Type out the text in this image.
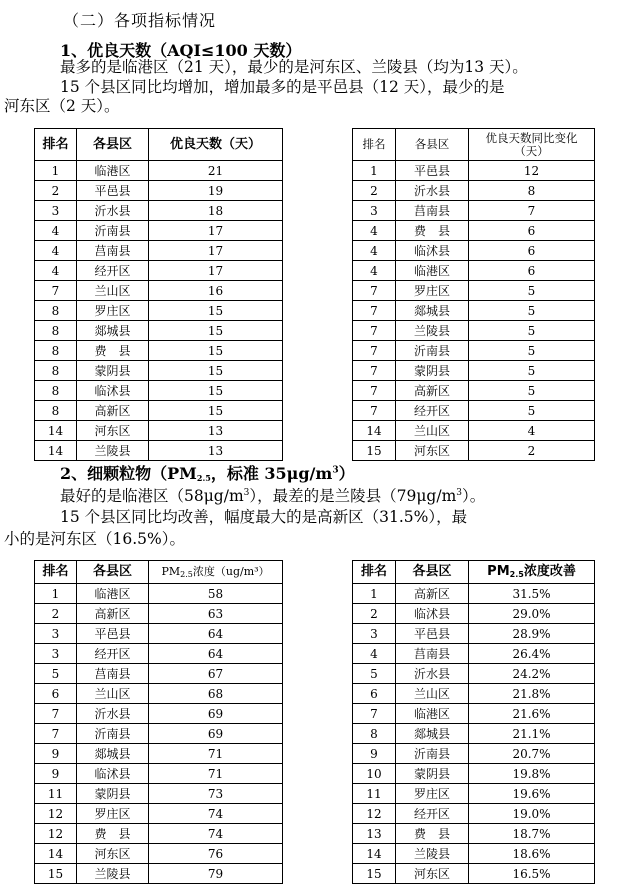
（二）各项指标情况
1、优良天数（AQI≤100 天数）
最多的是临港区（21 天），最少的是河东区、兰陵县（均为13 天）。
15 个县区同比均增加，增加最多的是平邑县（12 天），最少的是
河东区（2 天）。
排名	各县区	优良天数（天）
1	临港区	21
2	平邑县	19
3	沂水县	18
4	沂南县	17
4	莒南县	17
4	经开区	17
7	兰山区	16
8	罗庄区	15
8	郯城县	15
8	费　县	15
8	蒙阴县	15
8	临沭县	15
8	高新区	15
14	河东区	13
14	兰陵县	13
排名	各县区	优良天数同比变化（天）
1	平邑县	12
2	沂水县	8
3	莒南县	7
4	费　县	6
4	临沭县	6
4	临港区	6
7	罗庄区	5
7	郯城县	5
7	兰陵县	5
7	沂南县	5
7	蒙阴县	5
7	高新区	5
7	经开区	5
14	兰山区	4
15	河东区	2
2、细颗粒物（$PM_{2.5}$，标准 $35\mu g/m^3$）
最好的是临港区$(58\mu g/m^3)$，最差的是兰陵县$(79\mu g/m^3)$。
15 个县区同比均改善，幅度最大的是高新区（31.5%），最
小的是河东区（16.5%）。
排名	各县区	$PM_{2.5}$浓度（ug/m³）
1	临港区	58
2	高新区	63
3	平邑县	64
3	经开区	64
5	莒南县	67
6	兰山区	68
7	沂水县	69
7	沂南县	69
9	郯城县	71
9	临沭县	71
11	蒙阴县	73
12	罗庄区	74
12	费　县	74
14	河东区	76
15	兰陵县	79
排名	各县区	$PM_{2.5}$浓度改善
1	高新区	31.5%
2	临沭县	29.0%
3	平邑县	28.9%
4	莒南县	26.4%
5	沂水县	24.2%
6	兰山区	21.8%
7	临港区	21.6%
8	郯城县	21.1%
9	沂南县	20.7%
10	蒙阴县	19.8%
11	罗庄区	19.6%
12	经开区	19.0%
13	费　县	18.7%
14	兰陵县	18.6%
15	河东区	16.5%
